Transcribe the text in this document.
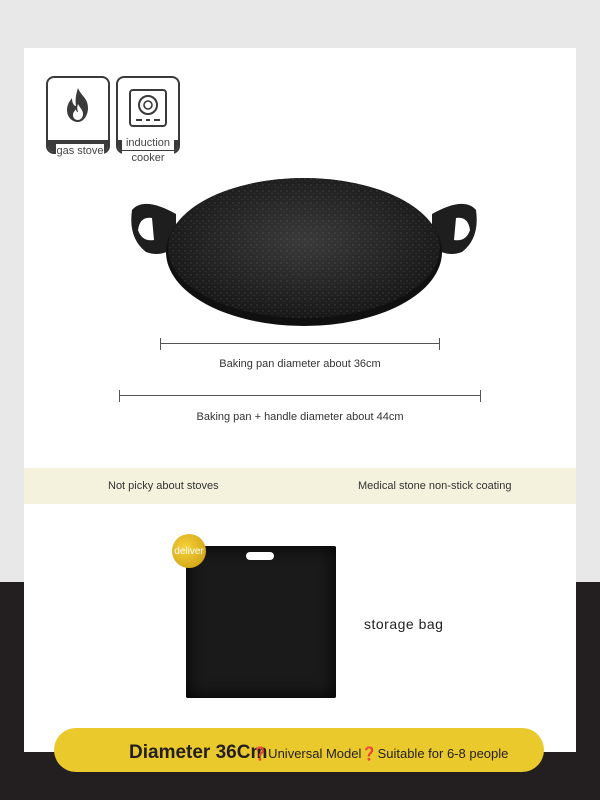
gas stove
induction
cooker
Baking pan diameter about 36cm
Baking pan + handle diameter about 44cm
Not picky about stoves	Medical stone non-stick coating
deliver
storage bag
Diameter 36Cm
❓Universal Model❓Suitable for 6-8 people
